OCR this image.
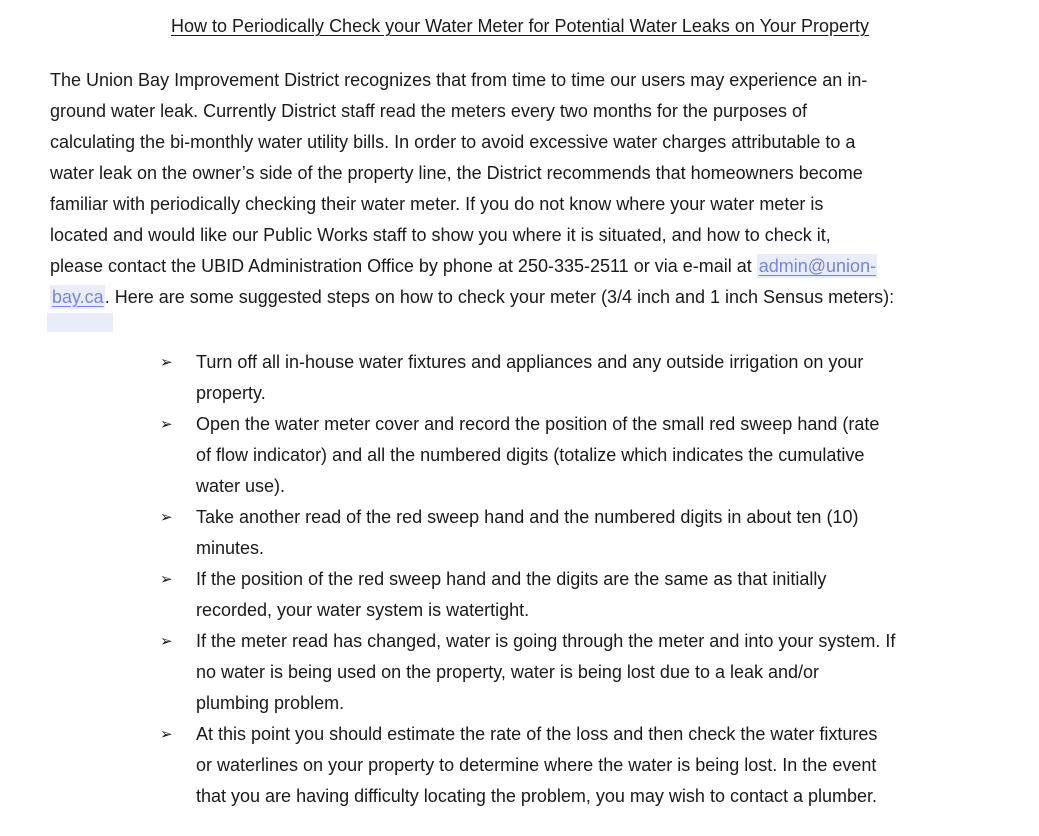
How to Periodically Check your Water Meter for Potential Water Leaks on Your Property
The Union Bay Improvement District recognizes that from time to time our users may experience an in-
ground water leak. Currently District staff read the meters every two months for the purposes of
calculating the bi-monthly water utility bills. In order to avoid excessive water charges attributable to a
water leak on the owner’s side of the property line, the District recommends that homeowners become
familiar with periodically checking their water meter. If you do not know where your water meter is
located and would like our Public Works staff to show you where it is situated, and how to check it,
please contact the UBID Administration Office by phone at 250-335-2511 or via e-mail at admin@union-
bay.ca. Here are some suggested steps on how to check your meter (3/4 inch and 1 inch Sensus meters):
➢ Turn off all in-house water fixtures and appliances and any outside irrigation on your
property.
➢ Open the water meter cover and record the position of the small red sweep hand (rate
of flow indicator) and all the numbered digits (totalize which indicates the cumulative
water use).
➢ Take another read of the red sweep hand and the numbered digits in about ten (10)
minutes.
➢ If the position of the red sweep hand and the digits are the same as that initially
recorded, your water system is watertight.
➢ If the meter read has changed, water is going through the meter and into your system. If
no water is being used on the property, water is being lost due to a leak and/or
plumbing problem.
➢ At this point you should estimate the rate of the loss and then check the water fixtures
or waterlines on your property to determine where the water is being lost. In the event
that you are having difficulty locating the problem, you may wish to contact a plumber.
